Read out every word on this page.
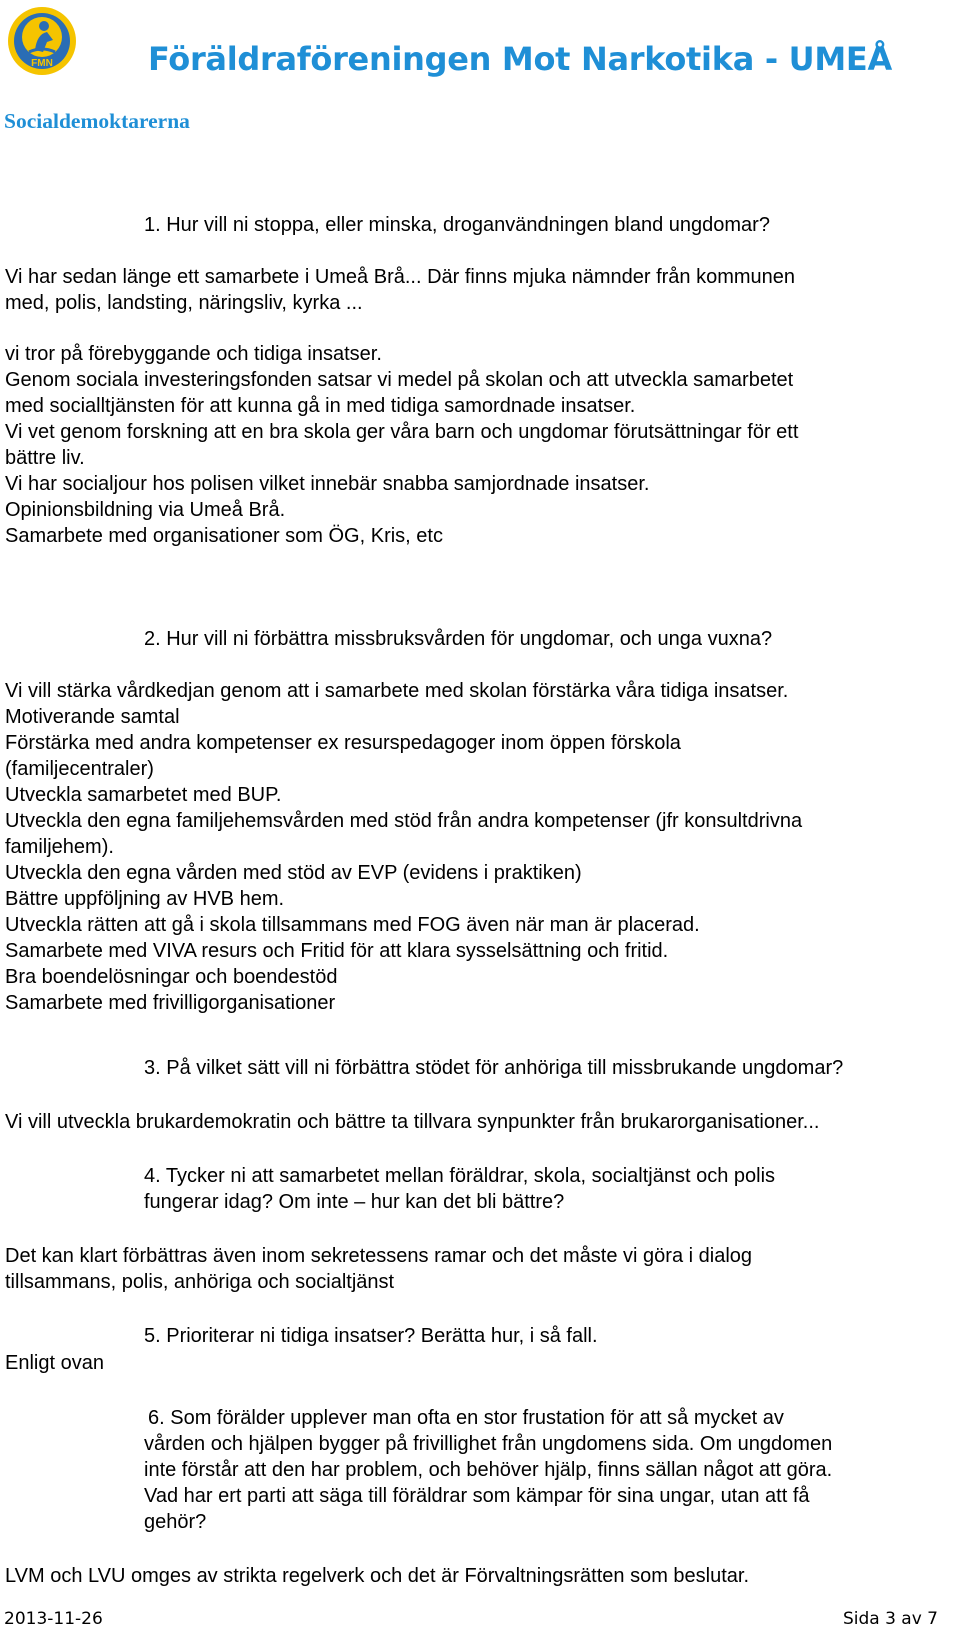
FMN	Föräldraföreningen Mot Narkotika - UMEÅ
Socialdemoktarerna
1. Hur vill ni stoppa, eller minska, droganvändningen bland ungdomar?
Vi har sedan länge ett samarbete i Umeå Brå... Där finns mjuka nämnder från kommunen
med, polis, landsting, näringsliv, kyrka ...
vi tror på förebyggande och tidiga insatser.
Genom sociala investeringsfonden satsar vi medel på skolan och att utveckla samarbetet
med socialltjänsten för att kunna gå in med tidiga samordnade insatser.
Vi vet genom forskning att en bra skola ger våra barn och ungdomar förutsättningar för ett
bättre liv.
Vi har socialjour hos polisen vilket innebär snabba samjordnade insatser.
Opinionsbildning via Umeå Brå.
Samarbete med organisationer som ÖG, Kris, etc
2. Hur vill ni förbättra missbruksvården för ungdomar, och unga vuxna?
Vi vill stärka vårdkedjan genom att i samarbete med skolan förstärka våra tidiga insatser.
Motiverande samtal
Förstärka med andra kompetenser ex resurspedagoger inom öppen förskola
(familjecentraler)
Utveckla samarbetet med BUP.
Utveckla den egna familjehemsvården med stöd från andra kompetenser (jfr konsultdrivna
familjehem).
Utveckla den egna vården med stöd av EVP (evidens i praktiken)
Bättre uppföljning av HVB hem.
Utveckla rätten att gå i skola tillsammans med FOG även när man är placerad.
Samarbete med VIVA resurs och Fritid för att klara sysselsättning och fritid.
Bra boendelösningar och boendestöd
Samarbete med frivilligorganisationer
3. På vilket sätt vill ni förbättra stödet för anhöriga till missbrukande ungdomar?
Vi vill utveckla brukardemokratin och bättre ta tillvara synpunkter från brukarorganisationer...
4. Tycker ni att samarbetet mellan föräldrar, skola, socialtjänst och polis
fungerar idag? Om inte – hur kan det bli bättre?
Det kan klart förbättras även inom sekretessens ramar och det måste vi göra i dialog
tillsammans, polis, anhöriga och socialtjänst
5. Prioriterar ni tidiga insatser? Berätta hur, i så fall.
Enligt ovan
6. Som förälder upplever man ofta en stor frustation för att så mycket av
vården och hjälpen bygger på frivillighet från ungdomens sida. Om ungdomen
inte förstår att den har problem, och behöver hjälp, finns sällan något att göra.
Vad har ert parti att säga till föräldrar som kämpar för sina ungar, utan att få
gehör?
LVM och LVU omges av strikta regelverk och det är Förvaltningsrätten som beslutar.
2013-11-26	Sida 3 av 7
